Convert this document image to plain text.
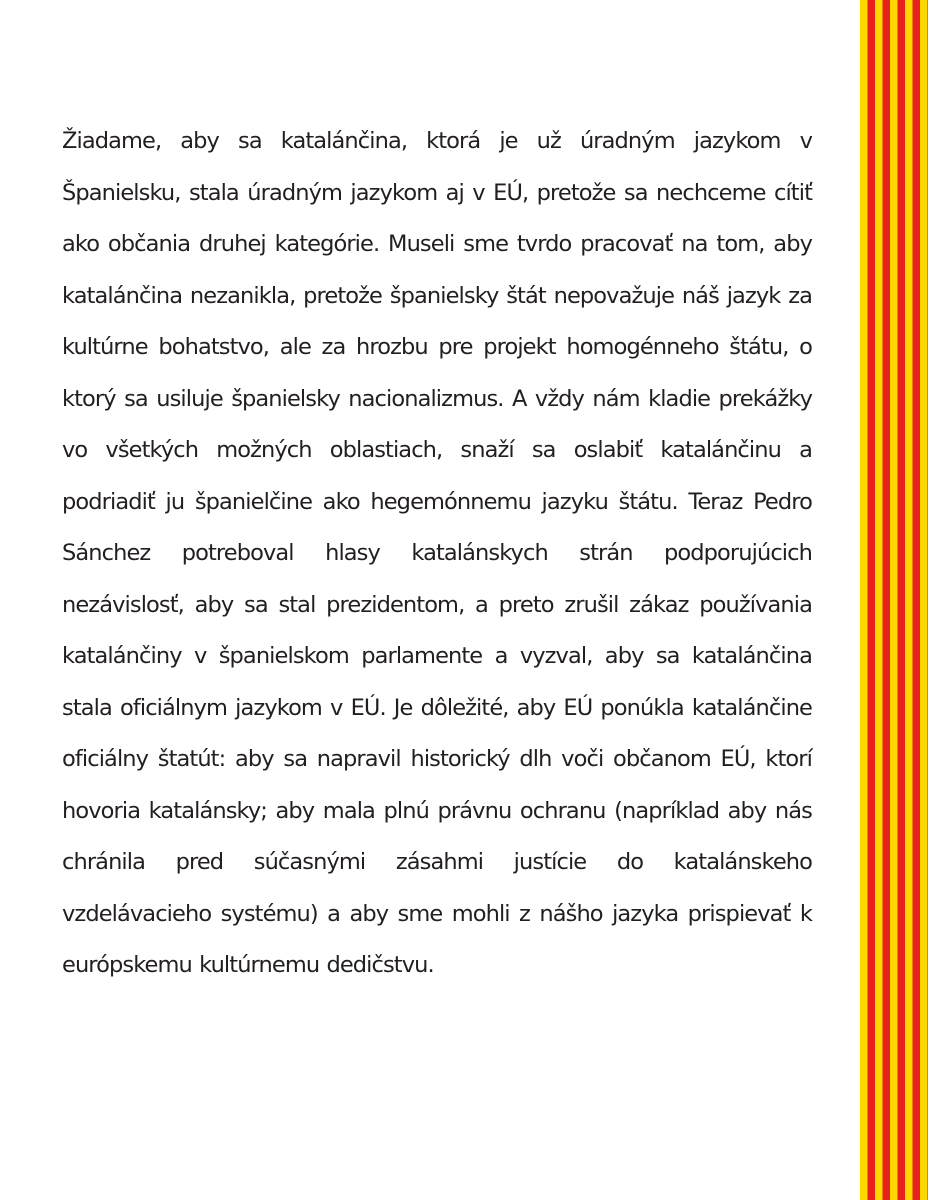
Žiadame, aby sa katalánčina, ktorá je už úradným jazykom v Španielsku, stala úradným jazykom aj v EÚ, pretože sa nechceme cítiť ako občania druhej kategórie. Museli sme tvrdo pracovať na tom, aby katalánčina nezanikla, pretože španielsky štát nepovažuje náš jazyk za kultúrne bohatstvo, ale za hrozbu pre projekt homogénneho štátu, o ktorý sa usiluje španielsky nacionalizmus. A vždy nám kladie prekážky vo všetkých možných oblastiach, snaží sa oslabiť katalánčinu a podriadiť ju španielčine ako hegemónnemu jazyku štátu. Teraz Pedro Sánchez potreboval hlasy katalánskych strán podporujúcich nezávislosť, aby sa stal prezidentom, a preto zrušil zákaz používania katalánčiny v španielskom parlamente a vyzval, aby sa katalánčina stala oficiálnym jazykom v EÚ. Je dôležité, aby EÚ ponúkla katalánčine oficiálny štatút: aby sa napravil historický dlh voči občanom EÚ, ktorí hovoria katalánsky; aby mala plnú právnu ochranu (napríklad aby nás chránila pred súčasnými zásahmi justície do katalánskeho vzdelávacieho systému) a aby sme mohli z nášho jazyka prispievať k európskemu kultúrnemu dedičstvu.
